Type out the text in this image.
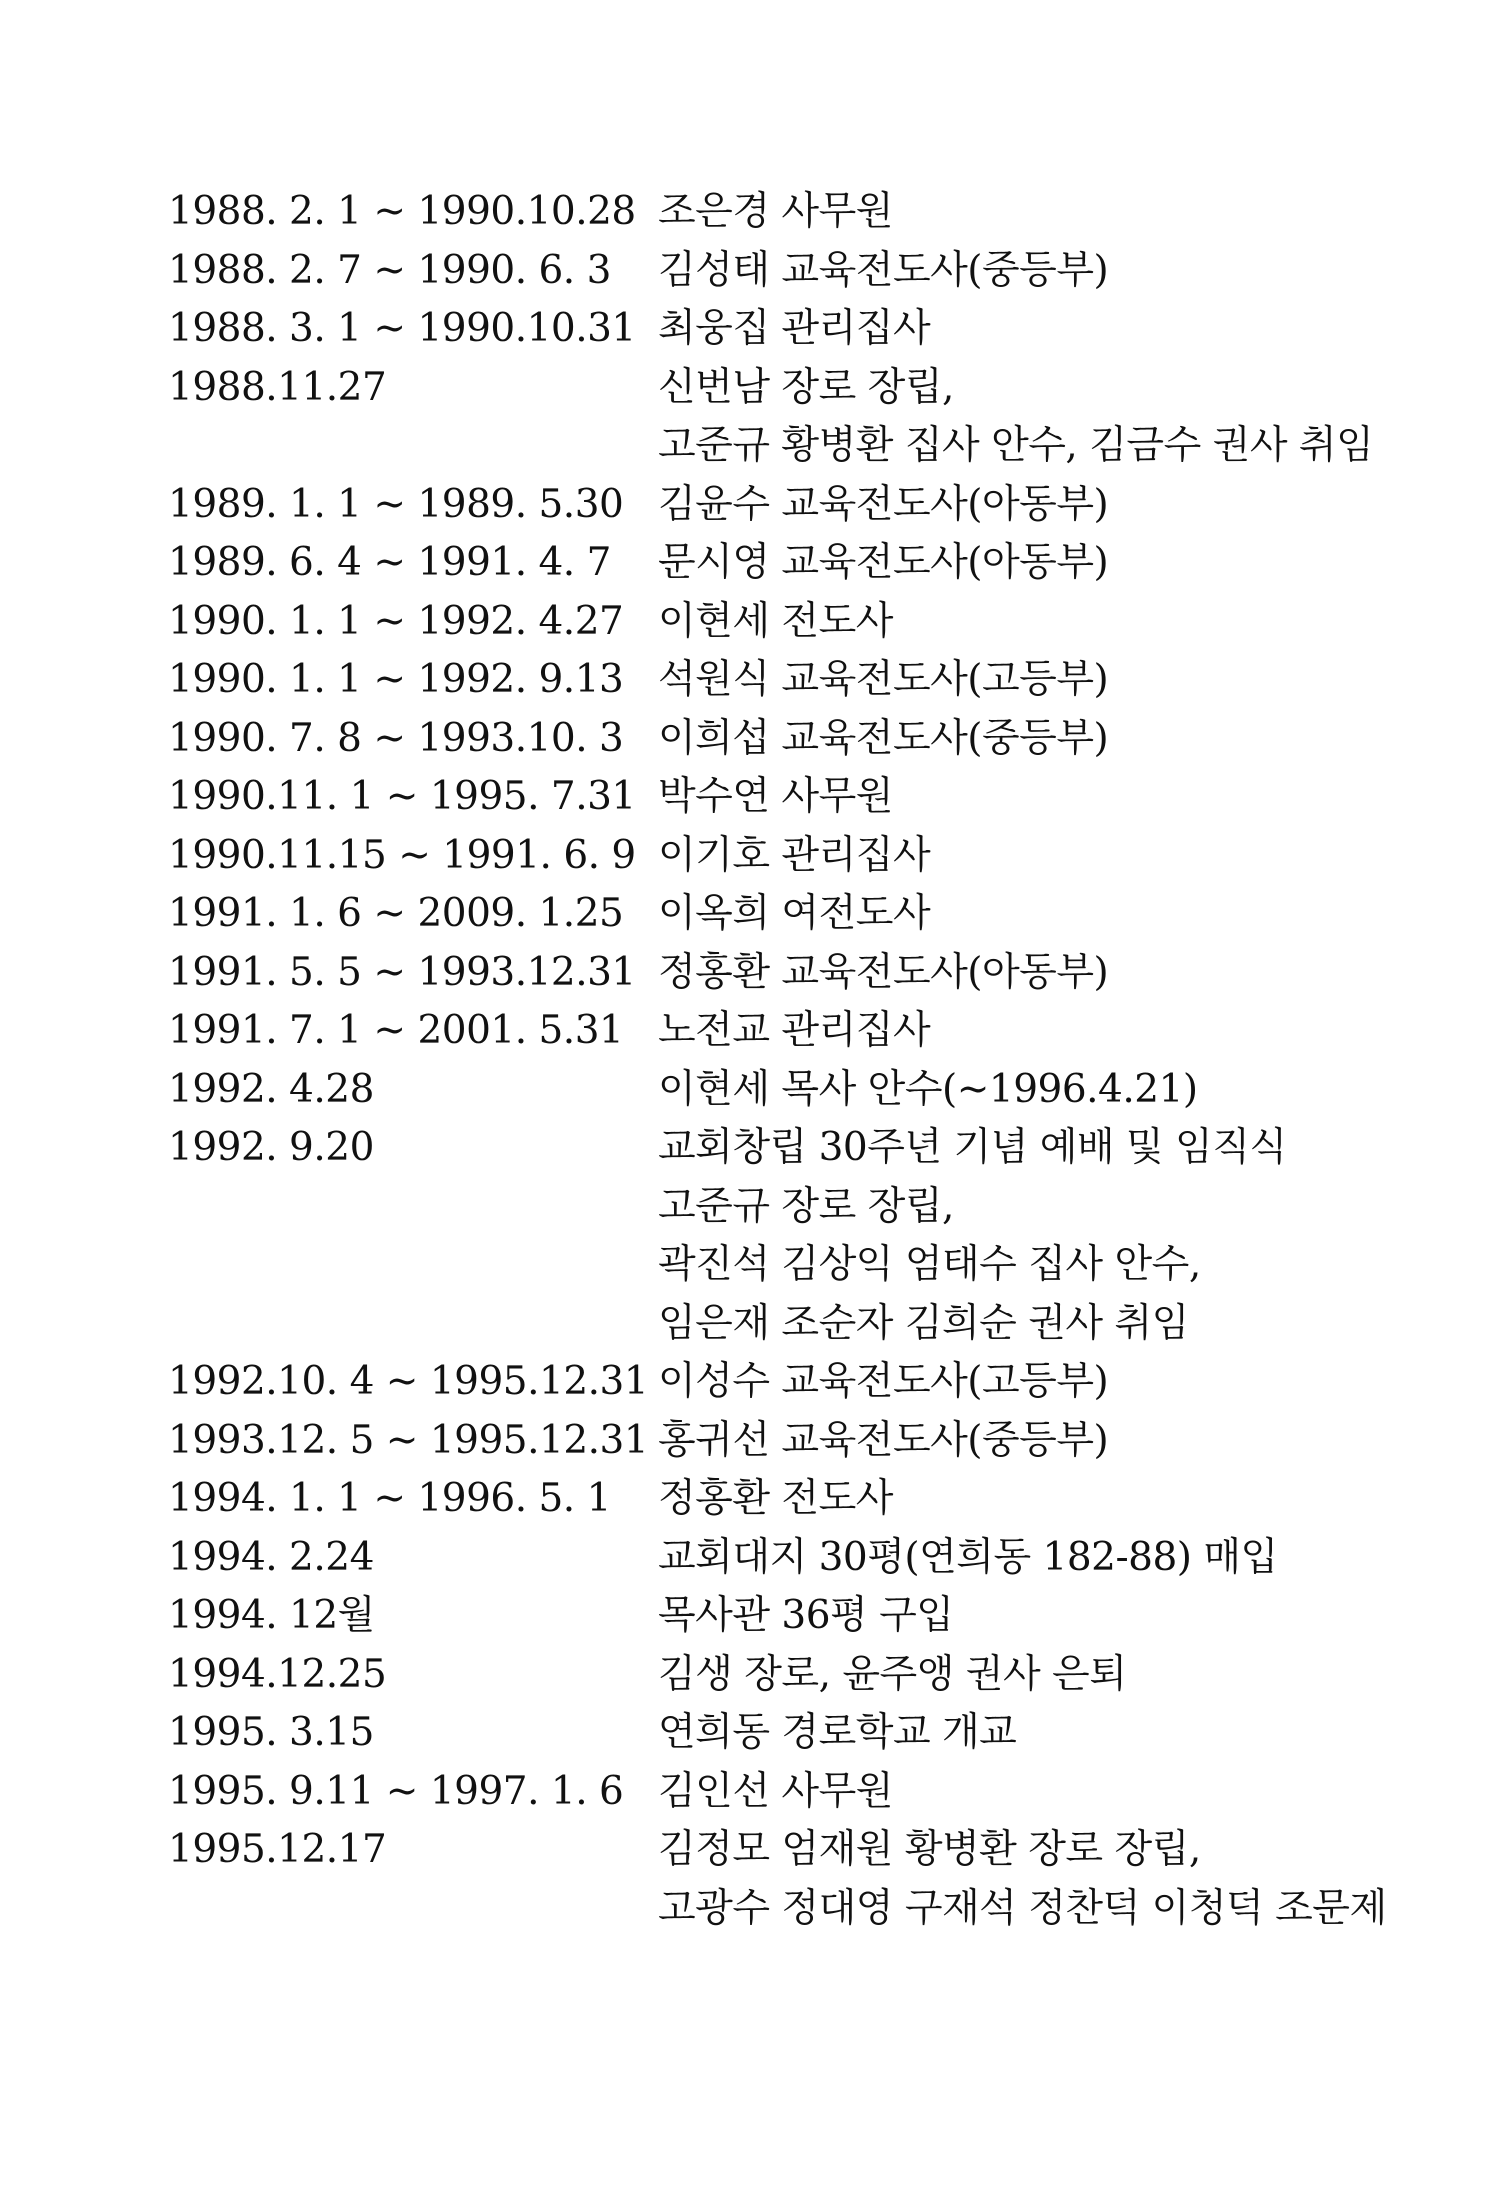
1988. 2. 1 ~ 1990.10.28 조은경 사무원
1988. 2. 7 ~ 1990. 6. 3	김성태 교육전도사(중등부)
1988. 3. 1 ~ 1990.10.31 최웅집 관리집사
1988.11.27	신번남 장로 장립,
고준규 황병환 집사 안수, 김금수 권사 취임
1989. 1. 1 ~ 1989. 5.30 김윤수 교육전도사(아동부)
1989. 6. 4 ~ 1991. 4. 7	문시영 교육전도사(아동부)
1990. 1. 1 ~ 1992. 4.27 이현세 전도사
1990. 1. 1 ~ 1992. 9.13 석원식 교육전도사(고등부)
1990. 7. 8 ~ 1993.10. 3 이희섭 교육전도사(중등부)
1990.11. 1 ~ 1995. 7.31 박수연 사무원
1990.11.15 ~ 1991. 6. 9 이기호 관리집사
1991. 1. 6 ~ 2009. 1.25 이옥희 여전도사
1991. 5. 5 ~ 1993.12.31 정홍환 교육전도사(아동부)
1991. 7. 1 ~ 2001. 5.31 노전교 관리집사
1992. 4.28	이현세 목사 안수(~1996.4.21)
1992. 9.20	교회창립 30주년 기념 예배 및 임직식
고준규 장로 장립,
곽진석 김상익 엄태수 집사 안수,
임은재 조순자 김희순 권사 취임
1992.10. 4 ~ 1995.12.31 이성수 교육전도사(고등부)
1993.12. 5 ~ 1995.12.31 홍귀선 교육전도사(중등부)
1994. 1. 1 ~ 1996. 5. 1	정홍환 전도사
1994. 2.24	교회대지 30평(연희동 182-88) 매입
1994. 12월	목사관 36평 구입
1994.12.25	김생 장로, 윤주앵 권사 은퇴
1995. 3.15	연희동 경로학교 개교
1995. 9.11 ~ 1997. 1. 6 김인선 사무원
1995.12.17	김정모 엄재원 황병환 장로 장립,
고광수 정대영 구재석 정찬덕 이청덕 조문제
